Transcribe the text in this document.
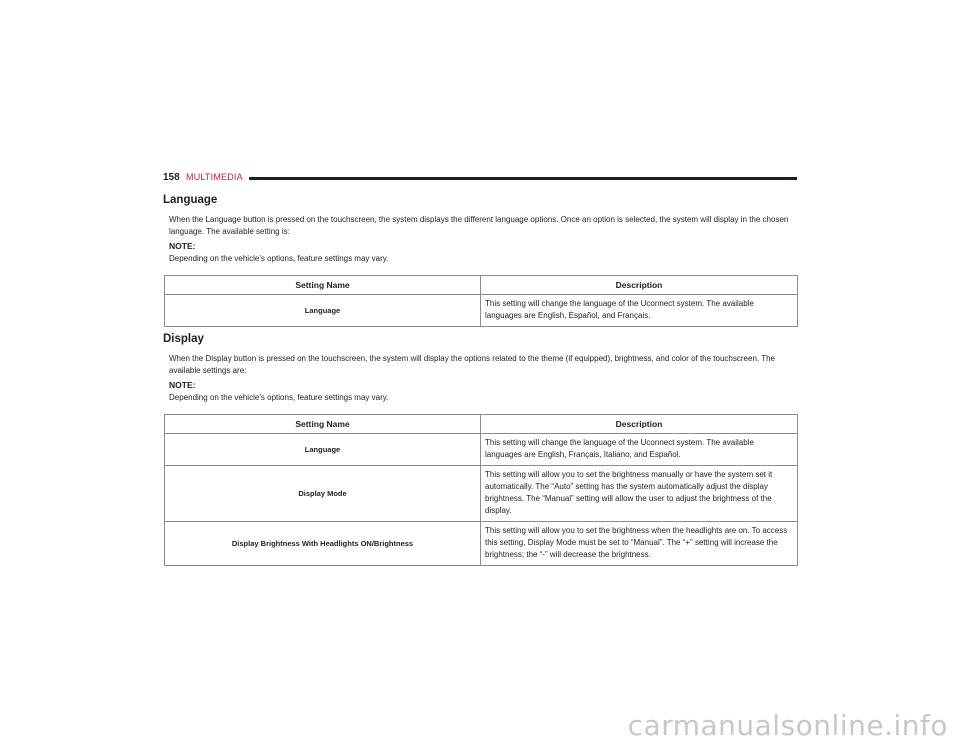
158 MULTIMEDIA
Language
When the Language button is pressed on the touchscreen, the system displays the different language options. Once an option is selected, the system will display in the chosen language. The available setting is:
NOTE:
Depending on the vehicle’s options, feature settings may vary.
Setting Name	Description
Language	This setting will change the language of the Uconnect system. The available languages are English, Español, and Français.
Display
When the Display button is pressed on the touchscreen, the system will display the options related to the theme (if equipped), brightness, and color of the touchscreen. The available settings are:
NOTE:
Depending on the vehicle’s options, feature settings may vary.
Setting Name	Description
Language	This setting will change the language of the Uconnect system. The available languages are English, Français, Italiano, and Español.
Display Mode	This setting will allow you to set the brightness manually or have the system set it automatically. The “Auto” setting has the system automatically adjust the display brightness. The “Manual” setting will allow the user to adjust the brightness of the display.
Display Brightness With Headlights ON/Brightness	This setting will allow you to set the brightness when the headlights are on. To access this setting, Display Mode must be set to “Manual”. The “+” setting will increase the brightness; the “-” will decrease the brightness.
carmanualsonline.info
